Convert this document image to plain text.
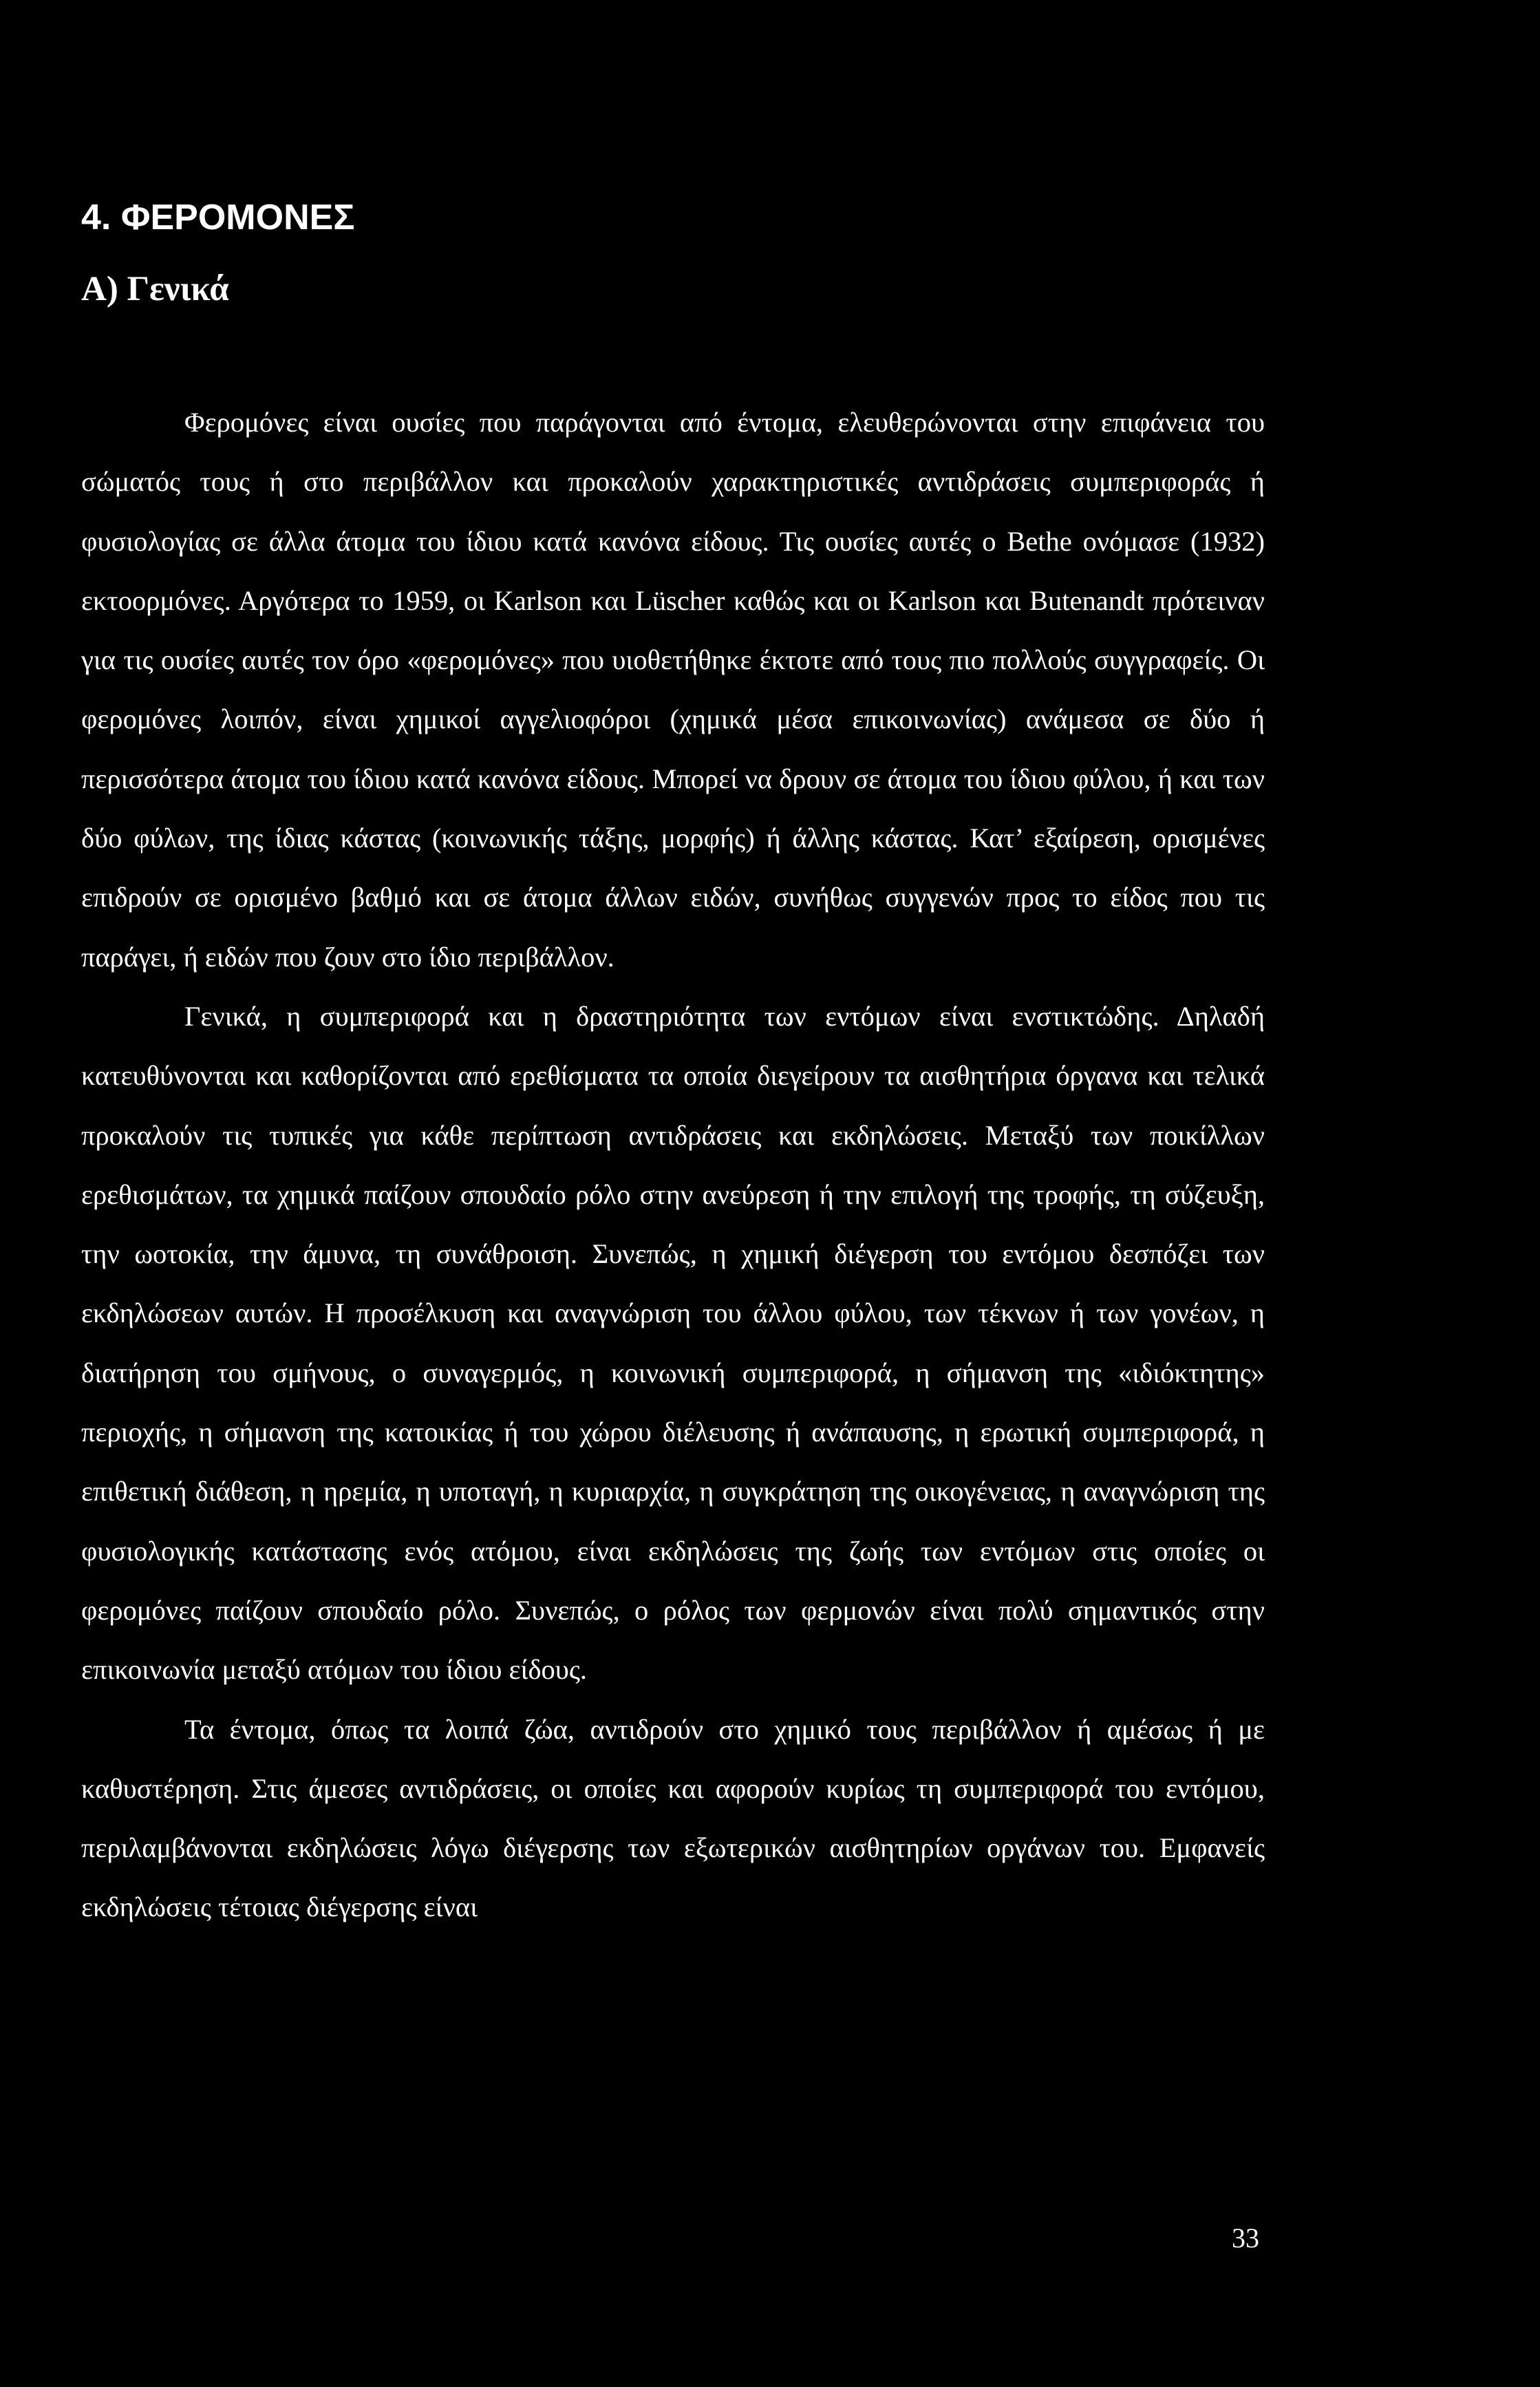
4. ΦΕΡΟΜΟΝΕΣ
Α) Γενικά

Φερομόνες είναι ουσίες που παράγονται από έντομα, ελευθερώνονται στην επιφάνεια του σώματός τους ή στο περιβάλλον και προκαλούν χαρακτηριστικές αντιδράσεις συμπεριφοράς ή φυσιολογίας σε άλλα άτομα του ίδιου κατά κανόνα είδους. Τις ουσίες αυτές ο Bethe ονόμασε (1932) εκτοορμόνες. Αργότερα το 1959, οι Karlson και Lüscher καθώς και οι Karlson και Butenandt πρότειναν για τις ουσίες αυτές τον όρο «φερομόνες» που υιοθετήθηκε έκτοτε από τους πιο πολλούς συγγραφείς. Οι φερομόνες λοιπόν, είναι χημικοί αγγελιοφόροι (χημικά μέσα επικοινωνίας) ανάμεσα σε δύο ή περισσότερα άτομα του ίδιου κατά κανόνα είδους. Μπορεί να δρουν σε άτομα του ίδιου φύλου, ή και των δύο φύλων, της ίδιας κάστας (κοινωνικής τάξης, μορφής) ή άλλης κάστας. Κατ’ εξαίρεση, ορισμένες επιδρούν σε ορισμένο βαθμό και σε άτομα άλλων ειδών, συνήθως συγγενών προς το είδος που τις παράγει, ή ειδών που ζουν στο ίδιο περιβάλλον.

Γενικά, η συμπεριφορά και η δραστηριότητα των εντόμων είναι ενστικτώδης. Δηλαδή κατευθύνονται και καθορίζονται από ερεθίσματα τα οποία διεγείρουν τα αισθητήρια όργανα και τελικά προκαλούν τις τυπικές για κάθε περίπτωση αντιδράσεις και εκδηλώσεις. Μεταξύ των ποικίλλων ερεθισμάτων, τα χημικά παίζουν σπουδαίο ρόλο στην ανεύρεση ή την επιλογή της τροφής, τη σύζευξη, την ωοτοκία, την άμυνα, τη συνάθροιση. Συνεπώς, η χημική διέγερση του εντόμου δεσπόζει των εκδηλώσεων αυτών. Η προσέλκυση και αναγνώριση του άλλου φύλου, των τέκνων ή των γονέων, η διατήρηση του σμήνους, ο συναγερμός, η κοινωνική συμπεριφορά, η σήμανση της «ιδιόκτητης» περιοχής, η σήμανση της κατοικίας ή του χώρου διέλευσης ή ανάπαυσης, η ερωτική συμπεριφορά, η επιθετική διάθεση, η ηρεμία, η υποταγή, η κυριαρχία, η συγκράτηση της οικογένειας, η αναγνώριση της φυσιολογικής κατάστασης ενός ατόμου, είναι εκδηλώσεις της ζωής των εντόμων στις οποίες οι φερομόνες παίζουν σπουδαίο ρόλο. Συνεπώς, ο ρόλος των φερμονών είναι πολύ σημαντικός στην επικοινωνία μεταξύ ατόμων του ίδιου είδους.

Τα έντομα, όπως τα λοιπά ζώα, αντιδρούν στο χημικό τους περιβάλλον ή αμέσως ή με καθυστέρηση. Στις άμεσες αντιδράσεις, οι οποίες και αφορούν κυρίως τη συμπεριφορά του εντόμου, περιλαμβάνονται εκδηλώσεις λόγω διέγερσης των εξωτερικών αισθητηρίων οργάνων του. Εμφανείς εκδηλώσεις τέτοιας διέγερσης είναι

33
